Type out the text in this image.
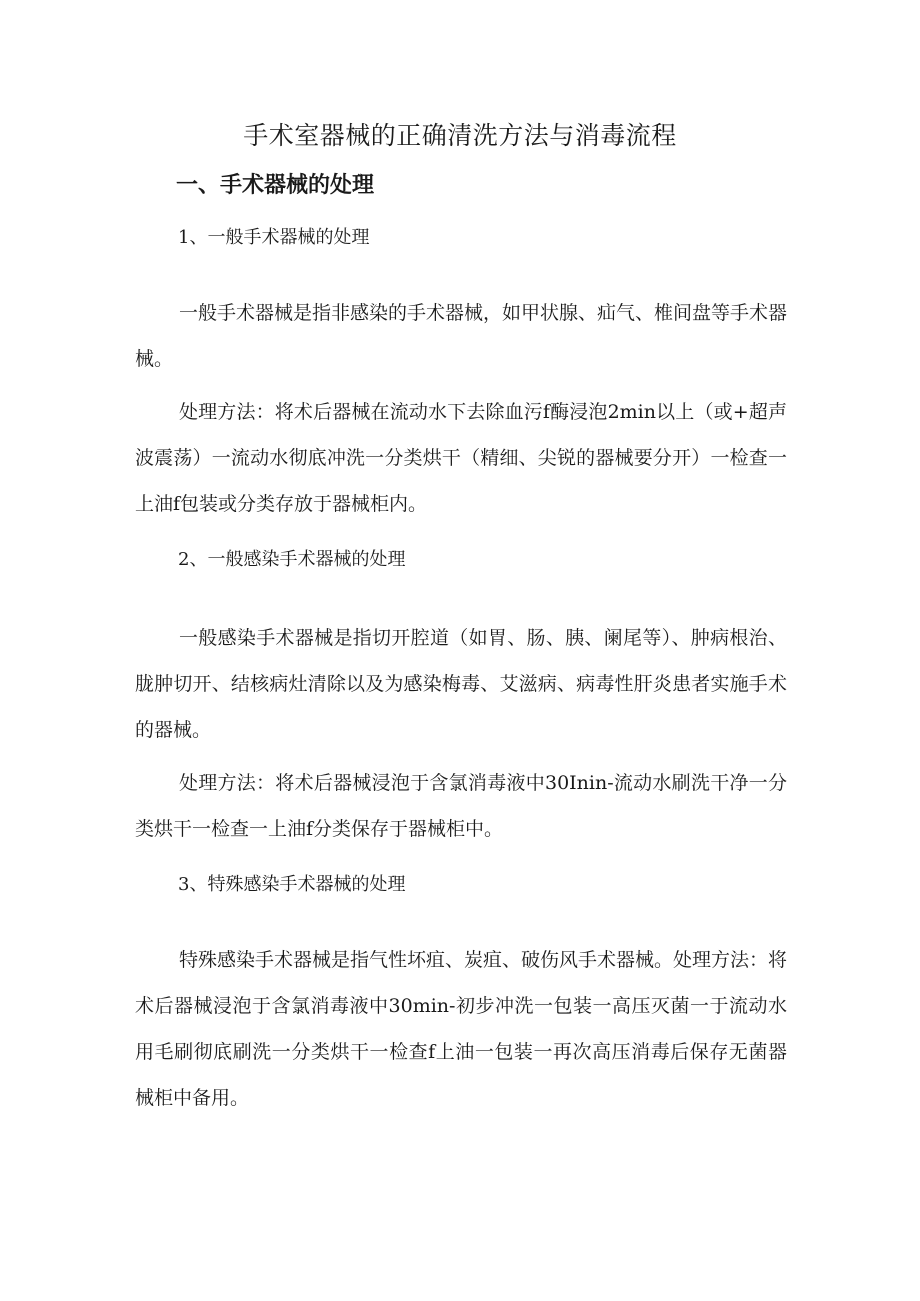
手术室器械的正确清洗方法与消毒流程
一、手术器械的处理
1、一般手术器械的处理

一般手术器械是指非感染的手术器械，如甲状腺、疝气、椎间盘等手术器械。

处理方法：将术后器械在流动水下去除血污f酶浸泡2min以上（或+超声波震荡）一流动水彻底冲洗一分类烘干（精细、尖锐的器械要分开）一检查一上油f包装或分类存放于器械柜内。

2、一般感染手术器械的处理

一般感染手术器械是指切开腔道（如胃、肠、胰、阑尾等）、肿病根治、胧肿切开、结核病灶清除以及为感染梅毒、艾滋病、病毒性肝炎患者实施手术的器械。

处理方法：将术后器械浸泡于含氯消毒液中30Inin-流动水刷洗干净一分类烘干一检查一上油f分类保存于器械柜中。

3、特殊感染手术器械的处理

特殊感染手术器械是指气性坏疽、炭疽、破伤风手术器械。处理方法：将术后器械浸泡于含氯消毒液中30min-初步冲洗一包装一高压灭菌一于流动水用毛刷彻底刷洗一分类烘干一检查f上油一包装一再次高压消毒后保存无菌器械柜中备用。
